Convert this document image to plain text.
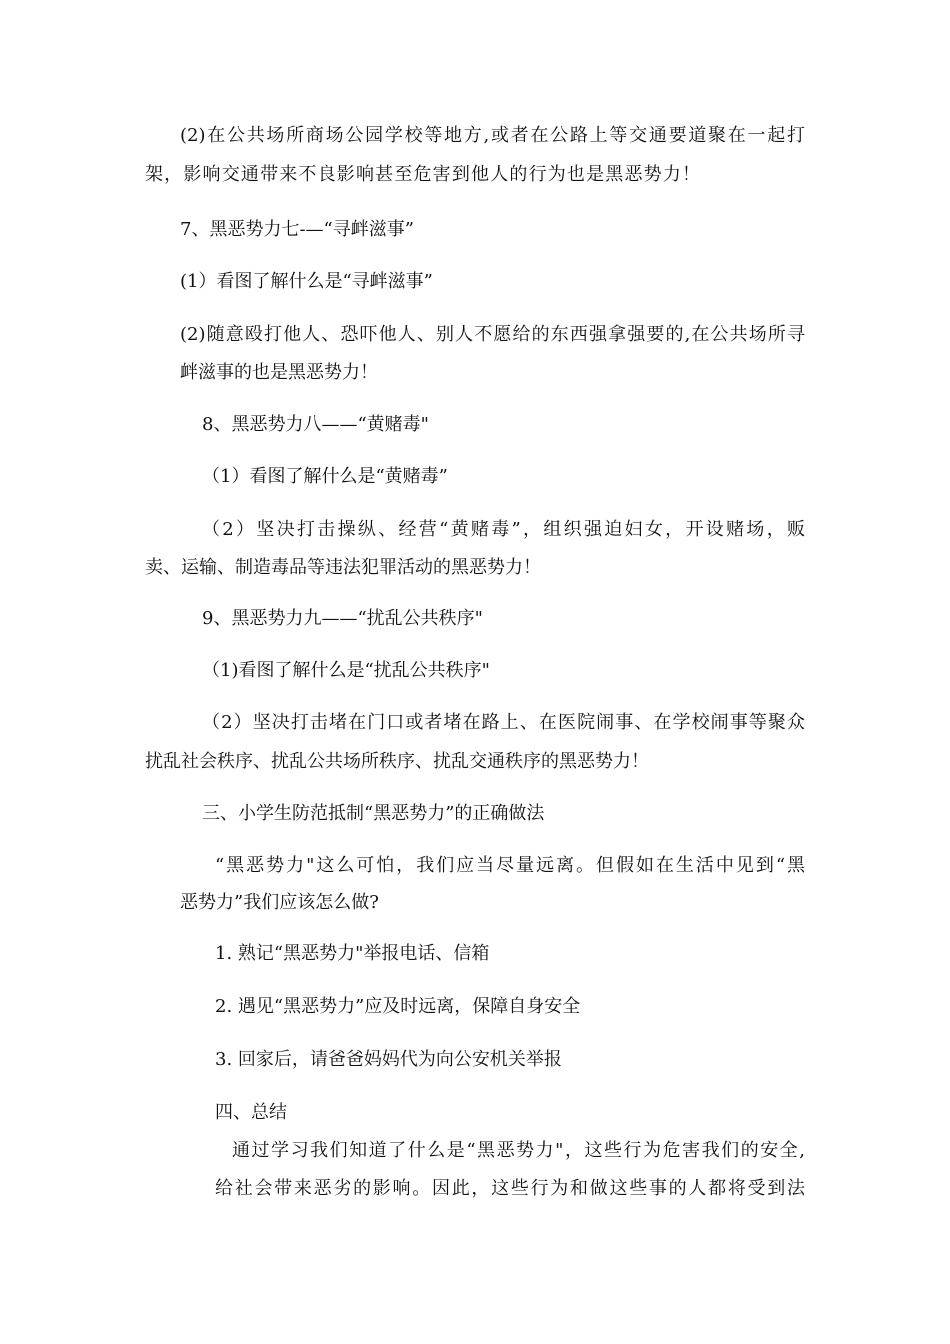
(2)在公共场所商场公园学校等地方,或者在公路上等交通要道聚在一起打
架，影响交通带来不良影响甚至危害到他人的行为也是黑恶势力！
7、黑恶势力七-—“寻衅滋事”
(1）看图了解什么是“寻衅滋事”
(2)随意殴打他人、恐吓他人、别人不愿给的东西强拿强要的,在公共场所寻
衅滋事的也是黑恶势力！
8、黑恶势力八——“黄赌毒"
（1）看图了解什么是“黄赌毒”
（2）坚决打击操纵、经营“黄赌毒”，组织强迫妇女，开设赌场，贩
卖、运输、制造毒品等违法犯罪活动的黑恶势力！
9、黑恶势力九——“扰乱公共秩序"
（1)看图了解什么是“扰乱公共秩序"
（2）坚决打击堵在门口或者堵在路上、在医院闹事、在学校闹事等聚众
扰乱社会秩序、扰乱公共场所秩序、扰乱交通秩序的黑恶势力！
三、小学生防范抵制“黑恶势力”的正确做法
“黑恶势力"这么可怕，我们应当尽量远离。但假如在生活中见到“黑
恶势力”我们应该怎么做?
1. 熟记“黑恶势力"举报电话、信箱
2. 遇见“黑恶势力”应及时远离，保障自身安全
3. 回家后，请爸爸妈妈代为向公安机关举报
四、总结
通过学习我们知道了什么是“黑恶势力"，这些行为危害我们的安全,
给社会带来恶劣的影响。因此，这些行为和做这些事的人都将受到法
